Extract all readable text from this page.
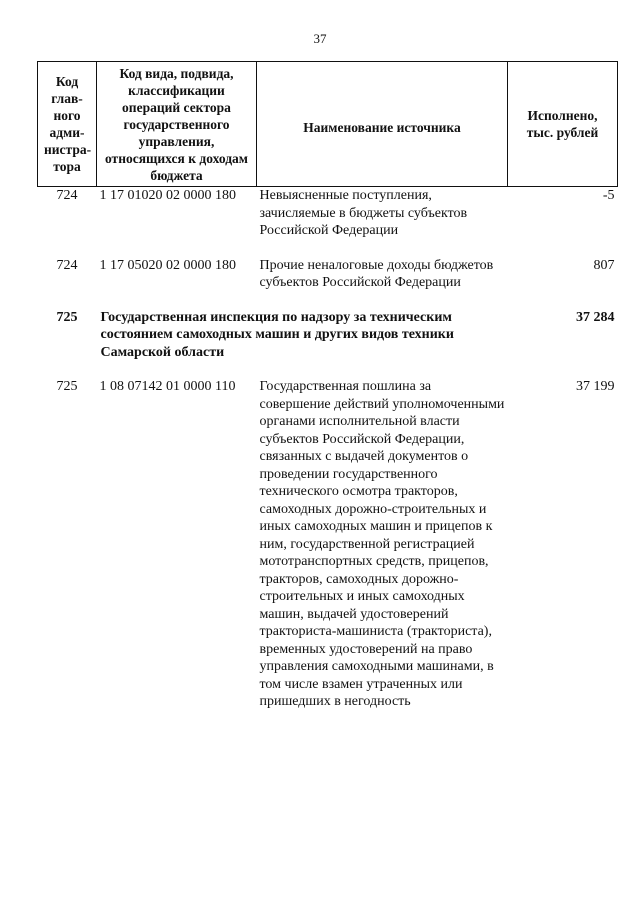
37
Код глав-ного адми-нистра-тора	Код вида, подвида, классификации операций сектора государственного управления, относящихся к доходам бюджета	Наименование источника	Исполнено, тыс. рублей

724	1 17 01020 02 0000 180	Невыясненные поступления, зачисляемые в бюджеты субъектов Российской Федерации	-5

724	1 17 05020 02 0000 180	Прочие неналоговые доходы бюджетов субъектов Российской Федерации	807

725	Государственная инспекция по надзору за техническим состоянием самоходных машин и других видов техники Самарской области		37 284

725	1 08 07142 01 0000 110	Государственная пошлина за совершение действий уполномоченными органами исполнительной власти субъектов Российской Федерации, связанных с выдачей документов о проведении государственного технического осмотра тракторов, самоходных дорожно-строительных и иных самоходных машин и прицепов к ним, государственной регистрацией мототранспортных средств, прицепов, тракторов, самоходных дорожно-строительных и иных самоходных машин, выдачей удостоверений тракториста-машиниста (тракториста), временных удостоверений на право управления самоходными машинами, в том числе взамен утраченных или пришедших в негодность	37 199
